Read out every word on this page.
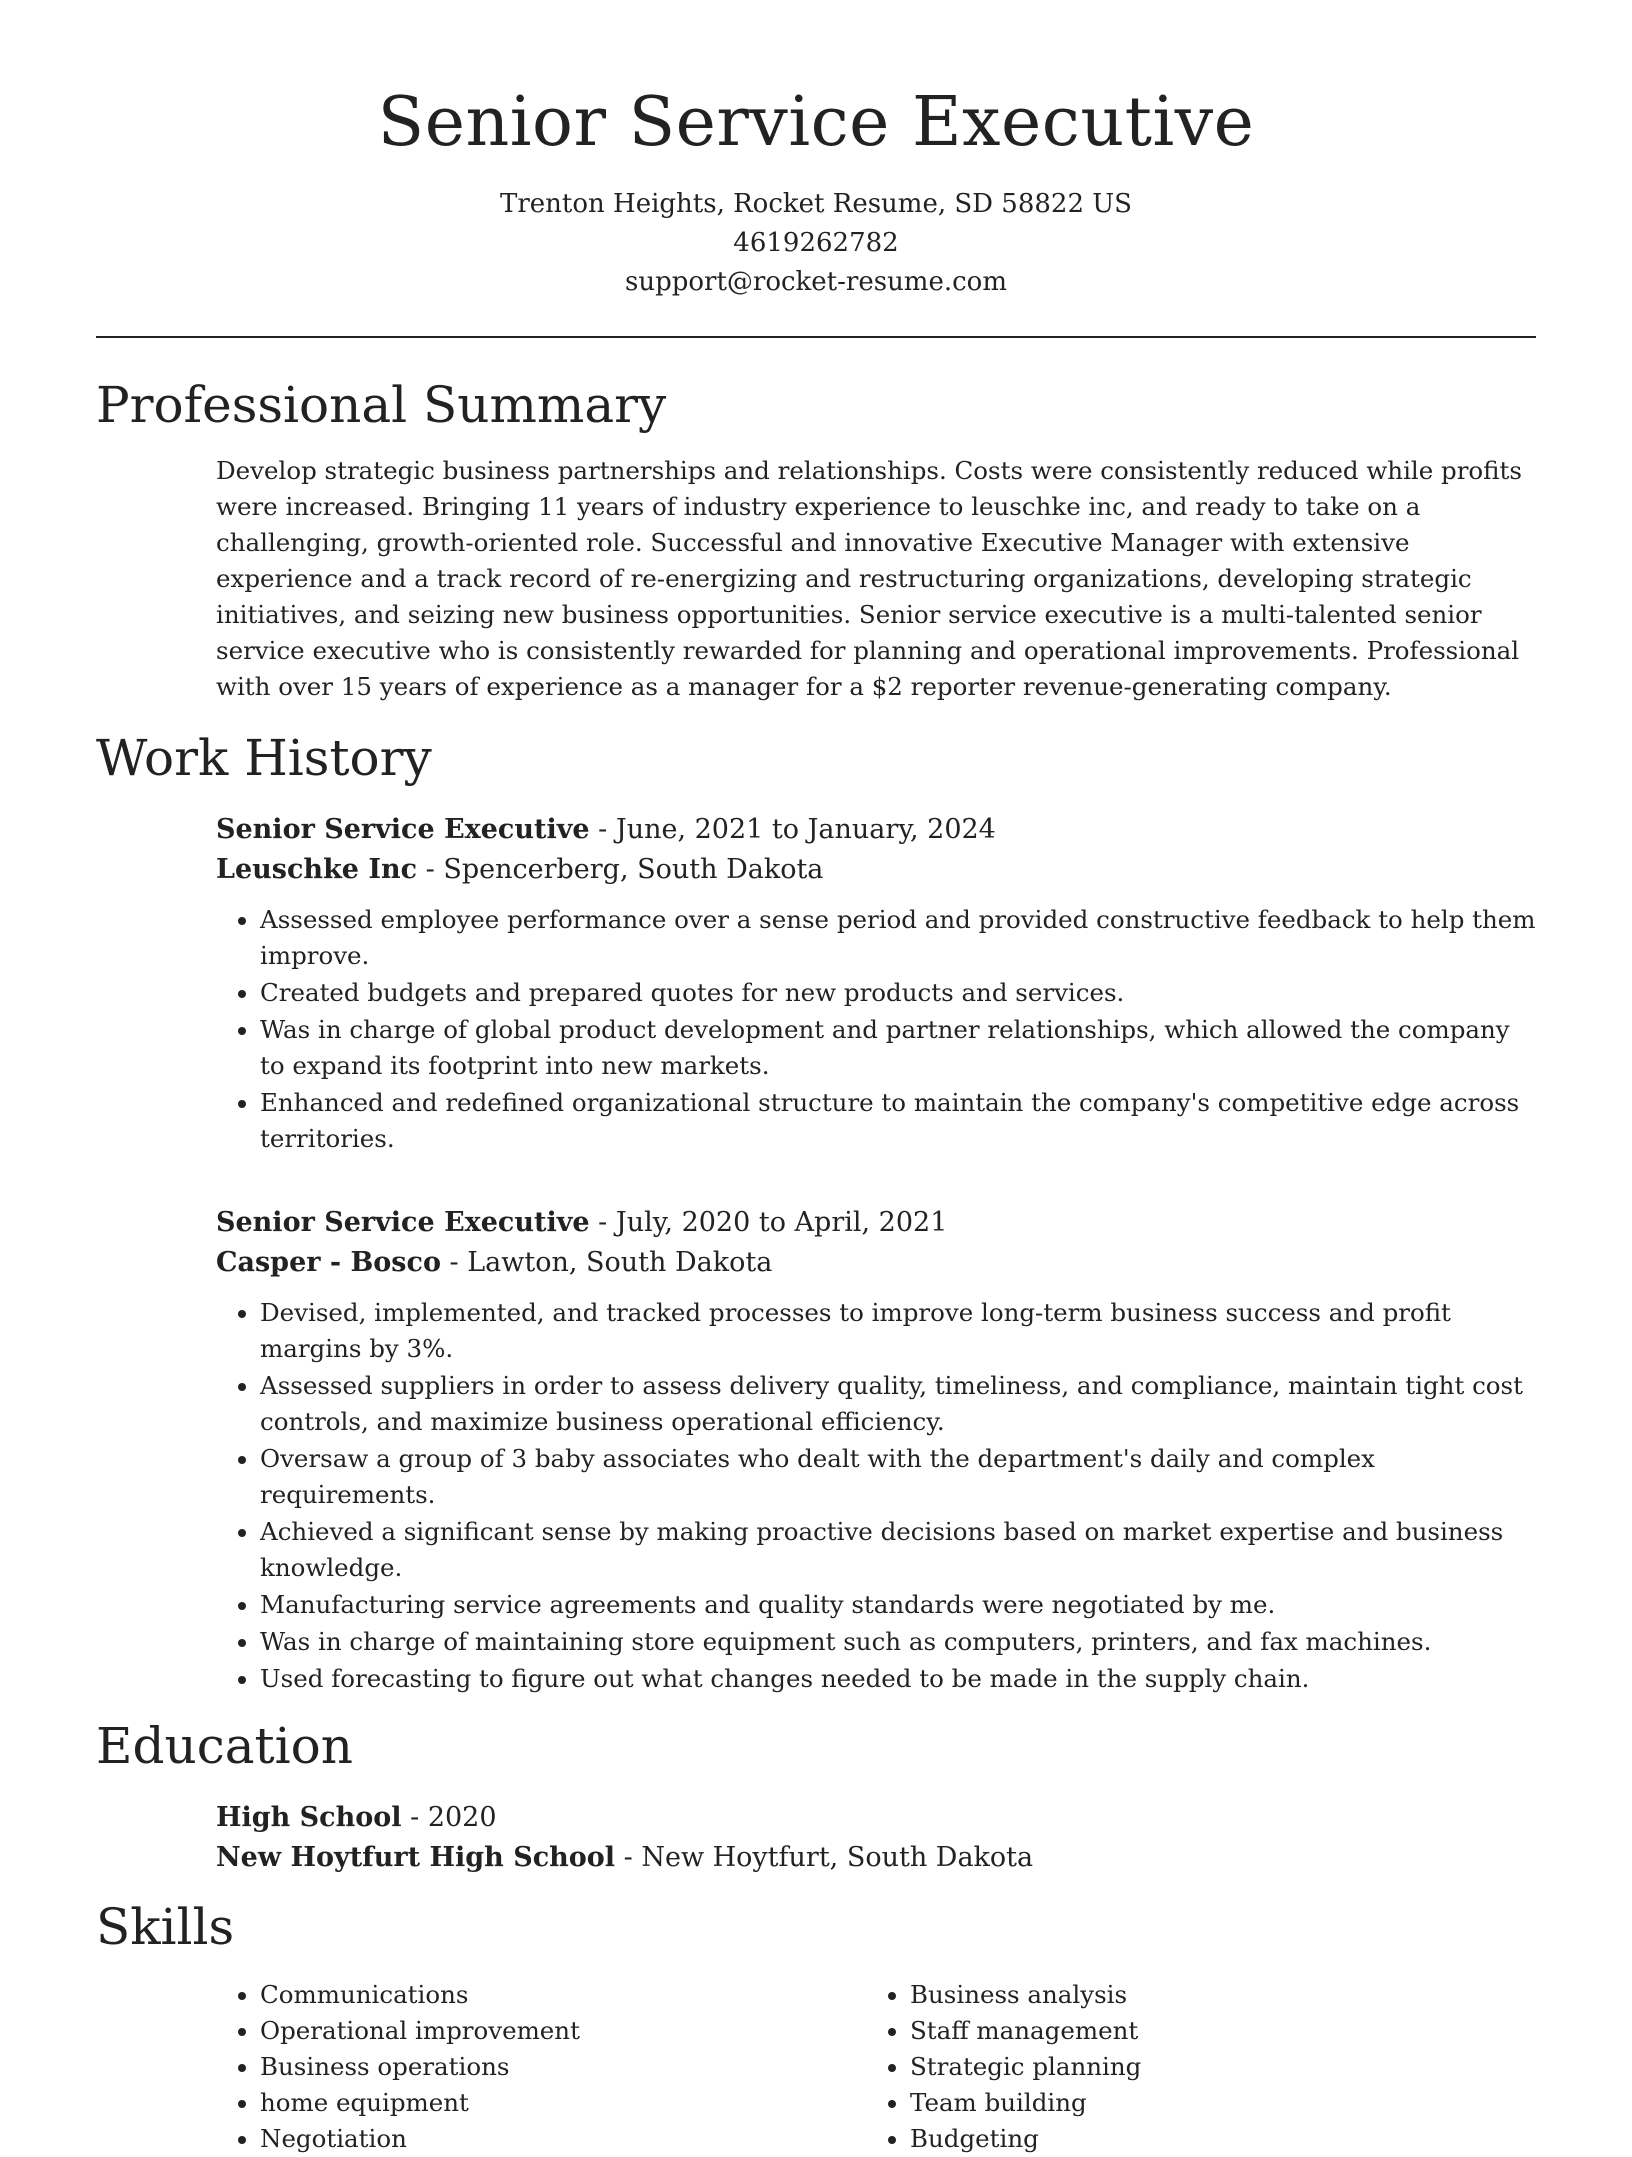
Senior Service Executive
Trenton Heights, Rocket Resume, SD 58822 US
4619262782
support@rocket-resume.com
Professional Summary

Develop strategic business partnerships and relationships. Costs were consistently reduced while profits were increased. Bringing 11 years of industry experience to leuschke inc, and ready to take on a challenging, growth-oriented role. Successful and innovative Executive Manager with extensive experience and a track record of re-energizing and restructuring organizations, developing strategic initiatives, and seizing new business opportunities. Senior service executive is a multi-talented senior service executive who is consistently rewarded for planning and operational improvements. Professional with over 15 years of experience as a manager for a $2 reporter revenue-generating company.

Work History
Senior Service Executive - June, 2021 to January, 2024
Leuschke Inc - Spencerberg, South Dakota
• Assessed employee performance over a sense period and provided constructive feedback to help them improve.
• Created budgets and prepared quotes for new products and services.
• Was in charge of global product development and partner relationships, which allowed the company to expand its footprint into new markets.
• Enhanced and redefined organizational structure to maintain the company's competitive edge across territories.
Senior Service Executive - July, 2020 to April, 2021
Casper - Bosco - Lawton, South Dakota
• Devised, implemented, and tracked processes to improve long-term business success and profit margins by 3%.
• Assessed suppliers in order to assess delivery quality, timeliness, and compliance, maintain tight cost controls, and maximize business operational efficiency.
• Oversaw a group of 3 baby associates who dealt with the department's daily and complex requirements.
• Achieved a significant sense by making proactive decisions based on market expertise and business knowledge.
• Manufacturing service agreements and quality standards were negotiated by me.
• Was in charge of maintaining store equipment such as computers, printers, and fax machines.
• Used forecasting to figure out what changes needed to be made in the supply chain.
Education
High School - 2020
New Hoytfurt High School - New Hoytfurt, South Dakota
Skills
• Communications
• Operational improvement
• Business operations
• home equipment
• Negotiation
• Business analysis
• Staff management
• Strategic planning
• Team building
• Budgeting
